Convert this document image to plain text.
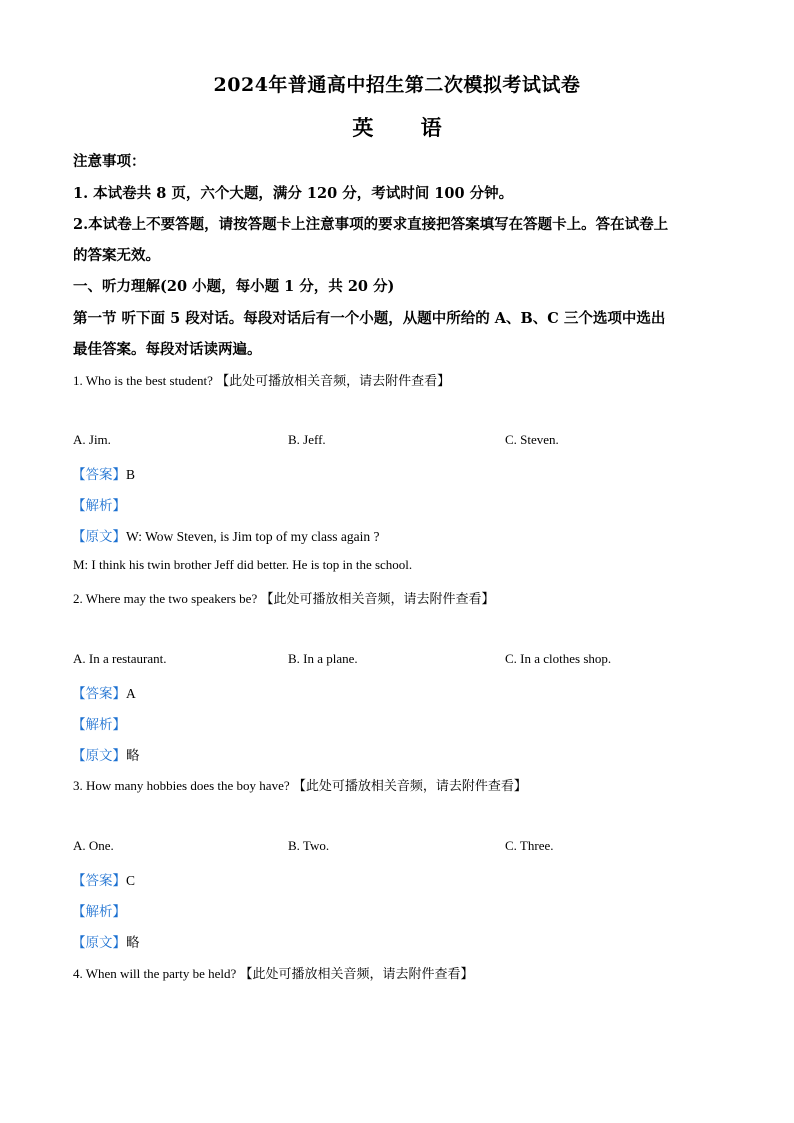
2024年普通高中招生第二次模拟考试试卷
英 语
注意事项：
1. 本试卷共 8 页，六个大题，满分 120 分，考试时间 100 分钟。
2.本试卷上不要答题，请按答题卡上注意事项的要求直接把答案填写在答题卡上。答在试卷上
的答案无效。
一、听力理解(20 小题，每小题 1 分，共 20 分)
第一节 听下面 5 段对话。每段对话后有一个小题，从题中所给的 A、B、C 三个选项中选出
最佳答案。每段对话读两遍。
1. Who is the best student? 【此处可播放相关音频，请去附件查看】
A. Jim.	B. Jeff.	C. Steven.
【答案】B
【解析】
【原文】W: Wow Steven, is Jim top of my class again ?
M: I think his twin brother Jeff did better. He is top in the school.
2. Where may the two speakers be? 【此处可播放相关音频，请去附件查看】
A. In a restaurant.	B. In a plane.	C. In a clothes shop.
【答案】A
【解析】
【原文】略
3. How many hobbies does the boy have? 【此处可播放相关音频，请去附件查看】
A. One.	B. Two.	C. Three.
【答案】C
【解析】
【原文】略
4. When will the party be held? 【此处可播放相关音频，请去附件查看】
